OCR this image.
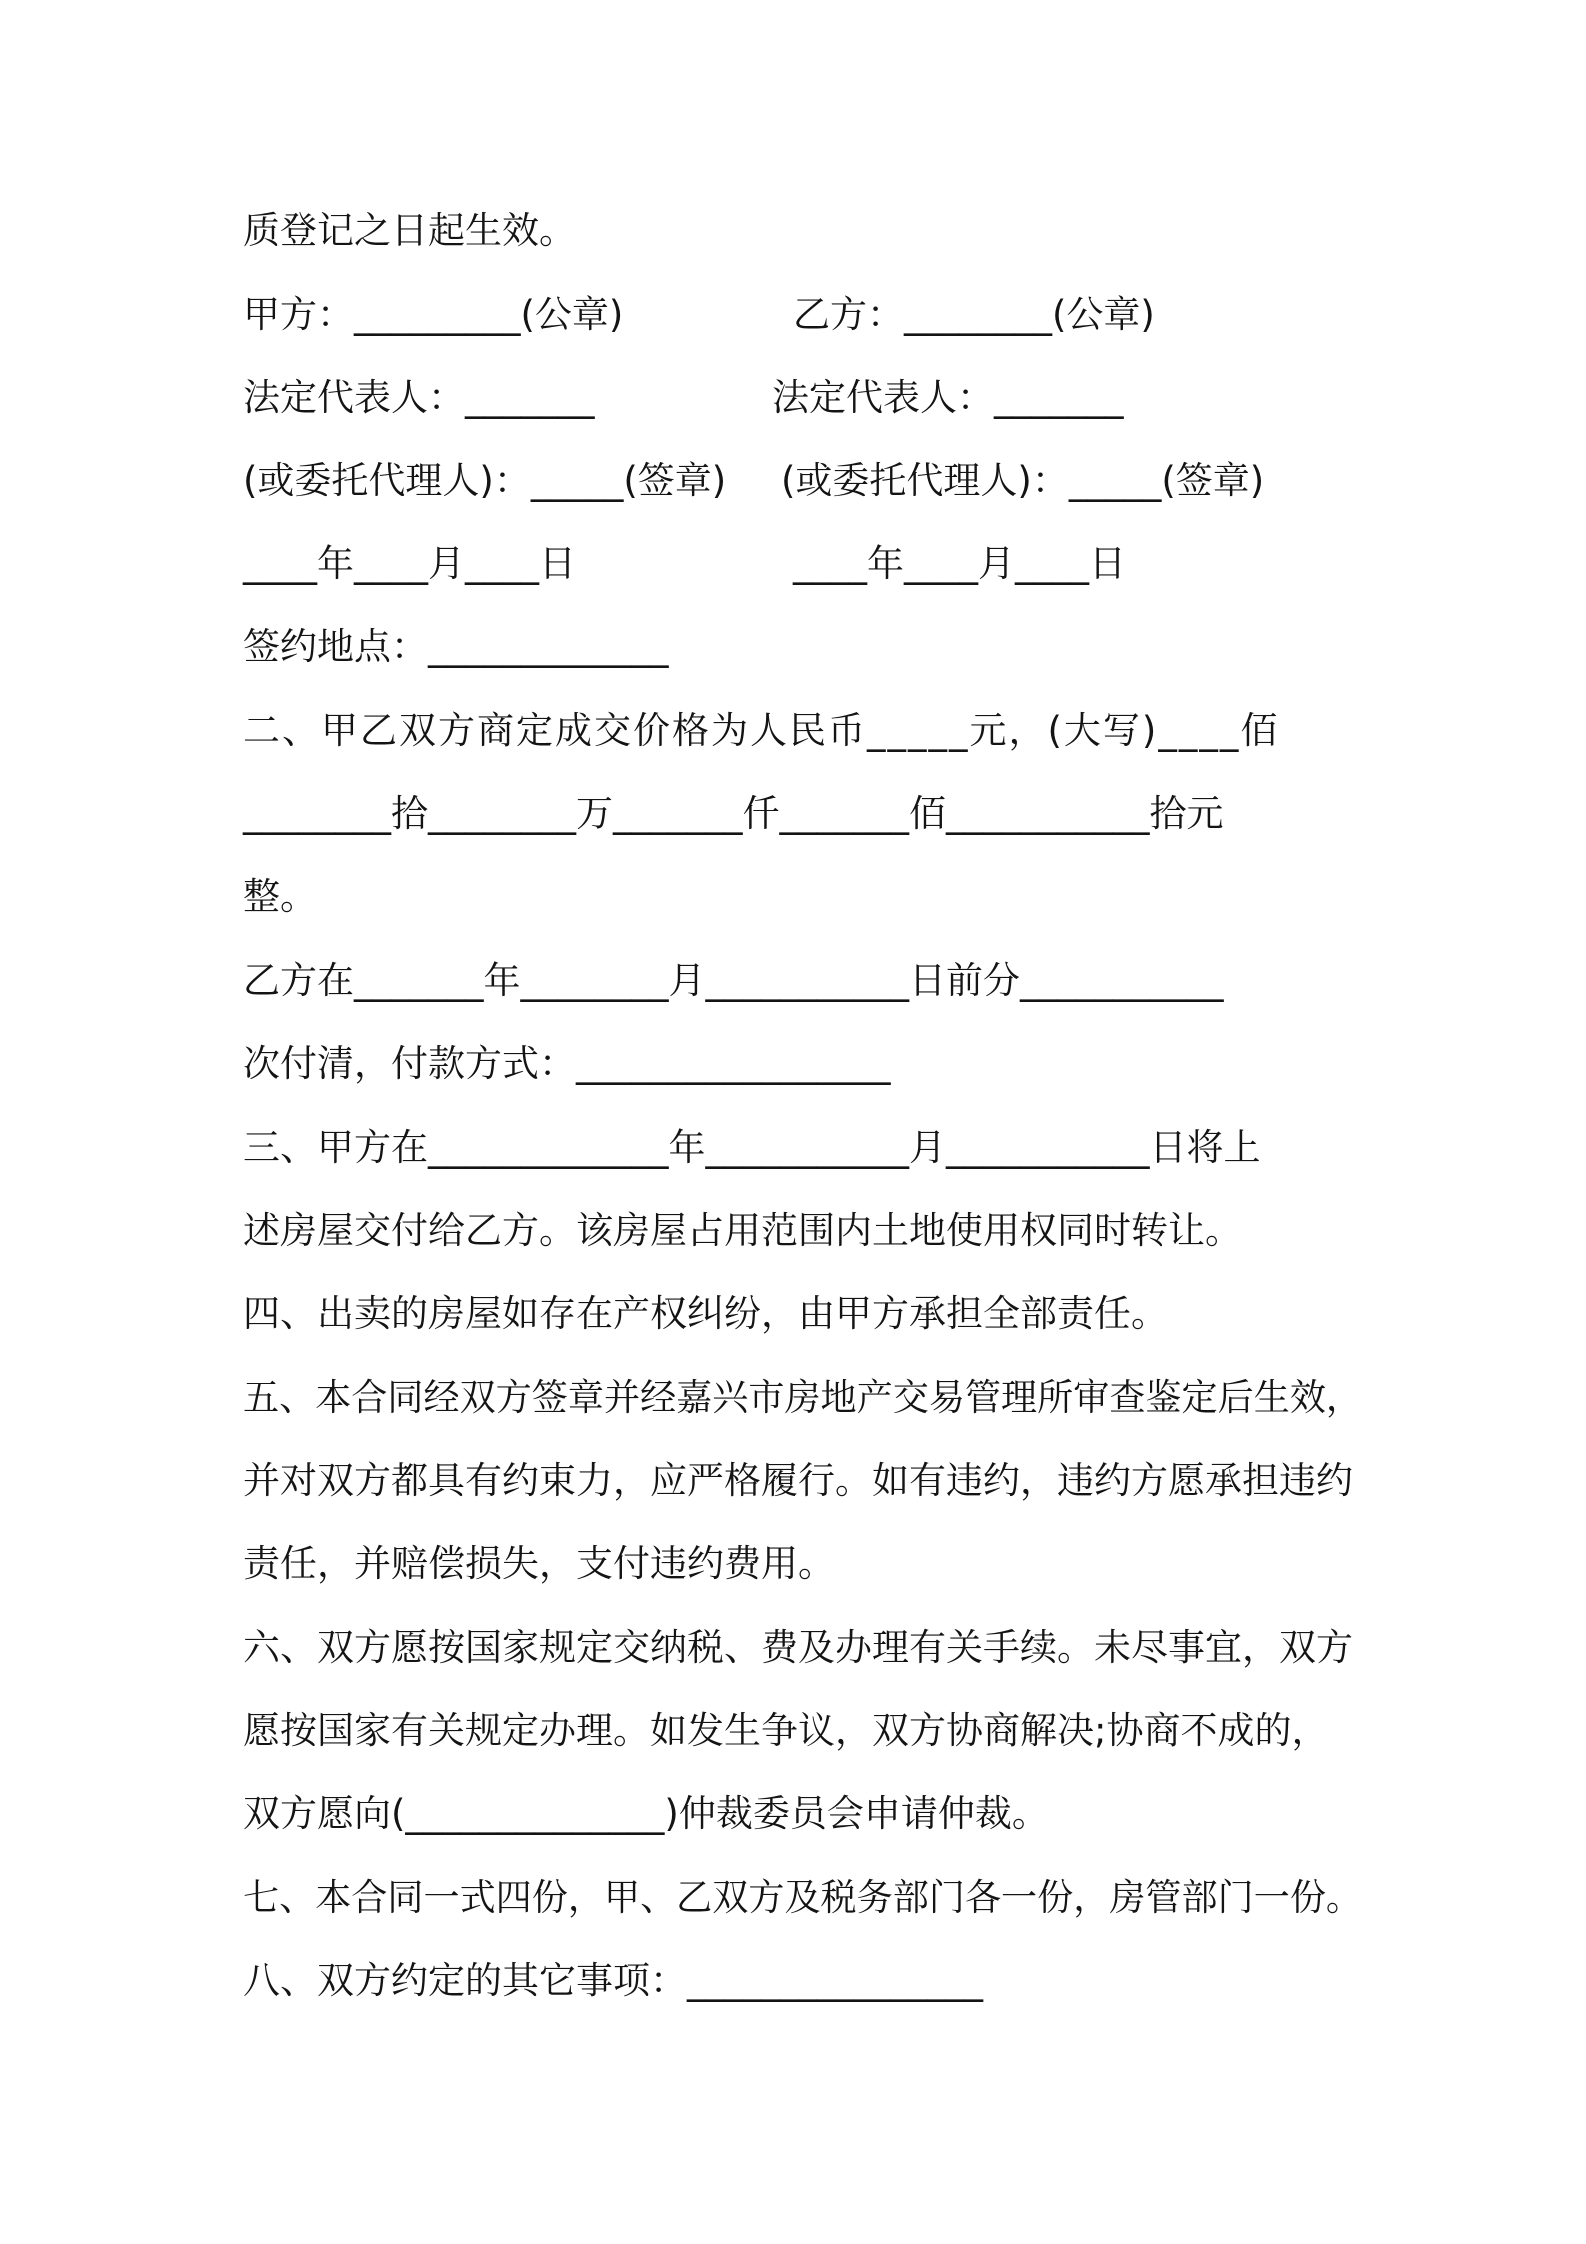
质登记之日起生效。

甲方：_________(公章)	乙方：________(公章)

法定代表人：_______	法定代表人：_______

(或委托代理人)：_____(签章) (或委托代理人)：_____(签章)

____年____月____日	____年____月____日

签约地点：_____________

二、甲乙双方商定成交价格为人民币_____元，(大写)____佰

________拾________万_______仟_______佰___________拾元

整。

乙方在_______年________月___________日前分___________

次付清，付款方式：_________________

三、甲方在_____________年___________月___________日将上

述房屋交付给乙方。该房屋占用范围内土地使用权同时转让。

四、出卖的房屋如存在产权纠纷，由甲方承担全部责任。

五、本合同经双方签章并经嘉兴市房地产交易管理所审查鉴定后生效，

并对双方都具有约束力，应严格履行。如有违约，违约方愿承担违约

责任，并赔偿损失，支付违约费用。

六、双方愿按国家规定交纳税、费及办理有关手续。未尽事宜，双方

愿按国家有关规定办理。如发生争议，双方协商解决;协商不成的，

双方愿向(______________)仲裁委员会申请仲裁。

七、本合同一式四份，甲、乙双方及税务部门各一份，房管部门一份。

八、双方约定的其它事项：________________
